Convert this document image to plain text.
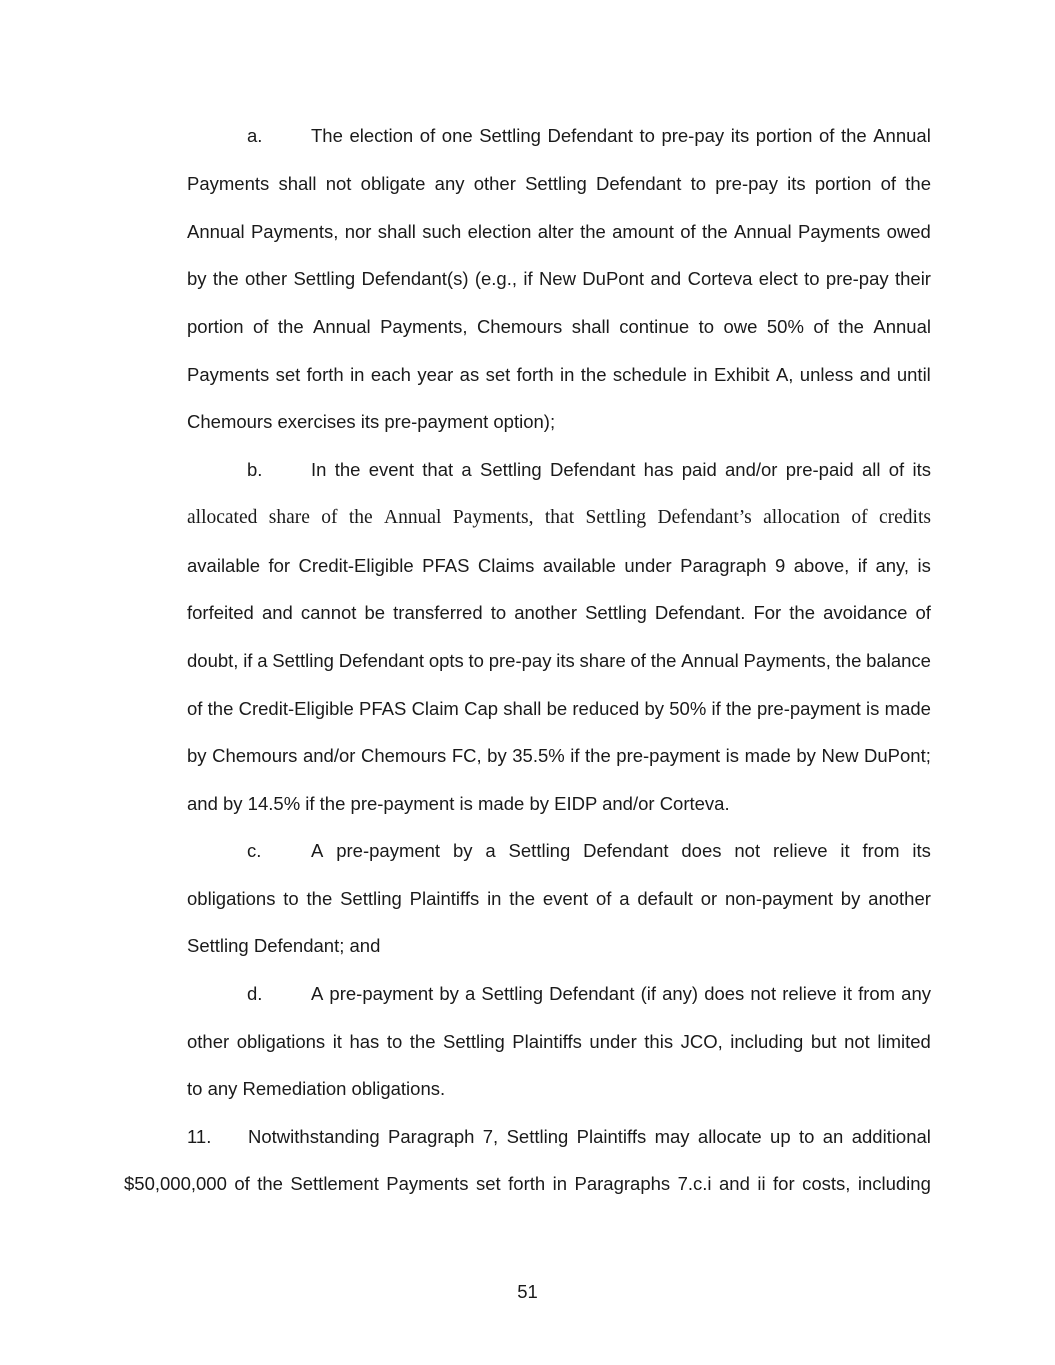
a.	The election of one Settling Defendant to pre-pay its portion of the Annual
Payments shall not obligate any other Settling Defendant to pre-pay its portion of the
Annual Payments, nor shall such election alter the amount of the Annual Payments owed
by the other Settling Defendant(s) (e.g., if New DuPont and Corteva elect to pre-pay their
portion of the Annual Payments, Chemours shall continue to owe 50% of the Annual
Payments set forth in each year as set forth in the schedule in Exhibit A, unless and until
Chemours exercises its pre-payment option);
b.	In the event that a Settling Defendant has paid and/or pre-paid all of its
allocated share of the Annual Payments, that Settling Defendant’s allocation of credits
available for Credit-Eligible PFAS Claims available under Paragraph 9 above, if any, is
forfeited and cannot be transferred to another Settling Defendant. For the avoidance of
doubt, if a Settling Defendant opts to pre-pay its share of the Annual Payments, the balance
of the Credit-Eligible PFAS Claim Cap shall be reduced by 50% if the pre-payment is made
by Chemours and/or Chemours FC, by 35.5% if the pre-payment is made by New DuPont;
and by 14.5% if the pre-payment is made by EIDP and/or Corteva.
c.	A pre-payment by a Settling Defendant does not relieve it from its
obligations to the Settling Plaintiffs in the event of a default or non-payment by another
Settling Defendant; and
d.	A pre-payment by a Settling Defendant (if any) does not relieve it from any
other obligations it has to the Settling Plaintiffs under this JCO, including but not limited
to any Remediation obligations.
11. Notwithstanding Paragraph 7, Settling Plaintiffs may allocate up to an additional
$50,000,000 of the Settlement Payments set forth in Paragraphs 7.c.i and ii for costs, including
51
